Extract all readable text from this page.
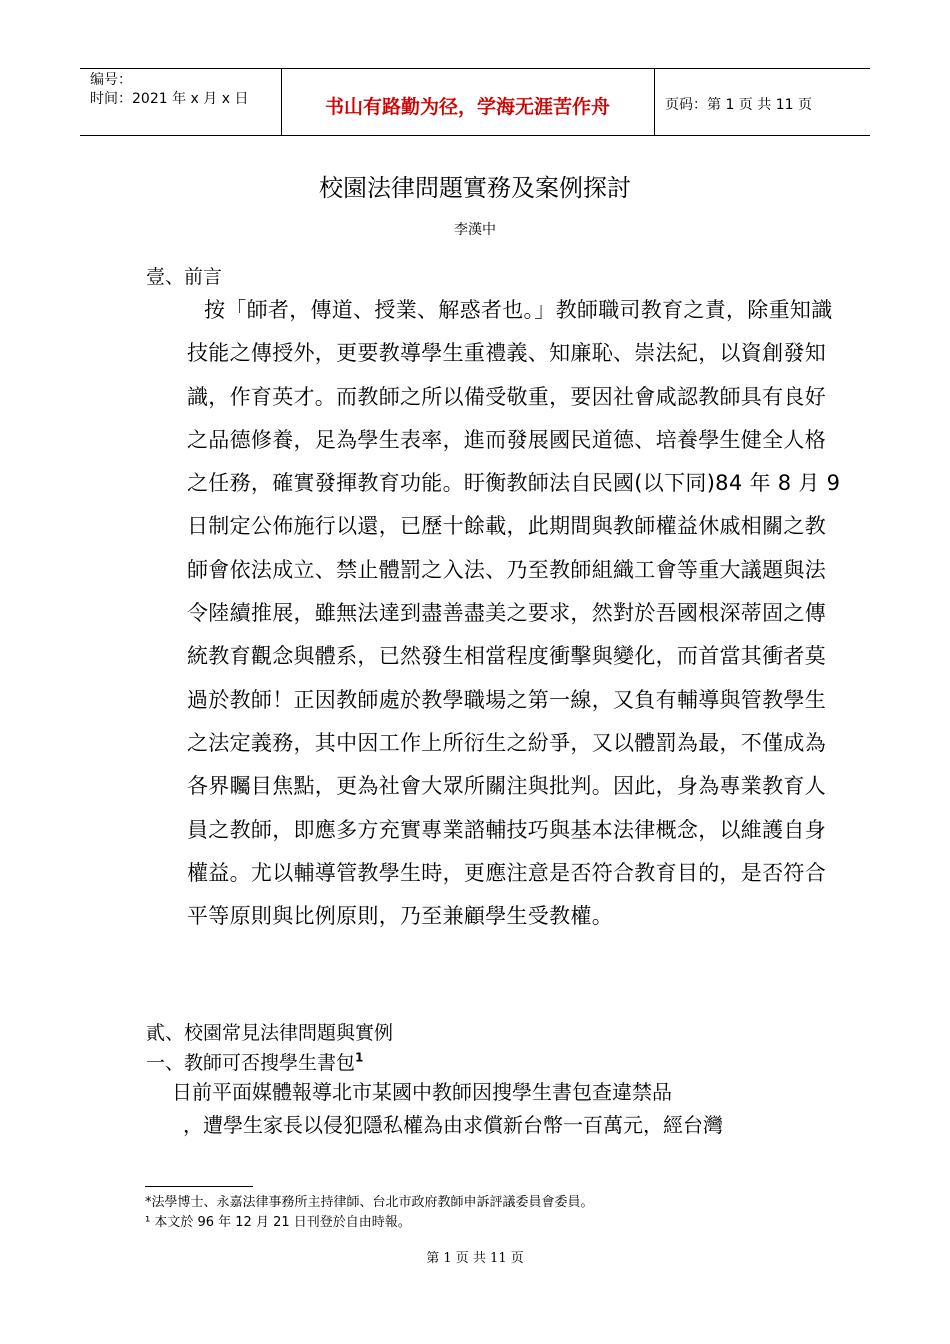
编号：
时间：2021 年 x 月 x 日	书山有路勤为径，学海无涯苦作舟	页码：第 1 页 共 11 页
校園法律問題實務及案例探討
李漢中
壹、前言
按「師者，傳道、授業、解惑者也。」教師職司教育之責，除重知識技能之傳授外，更要教導學生重禮義、知廉恥、崇法紀，以資創發知識，作育英才。而教師之所以備受敬重，要因社會咸認教師具有良好之品德修養，足為學生表率，進而發展國民道德、培養學生健全人格之任務，確實發揮教育功能。盱衡教師法自民國(以下同)84 年 8 月 9 日制定公佈施行以還，已歷十餘載，此期間與教師權益休戚相關之教師會依法成立、禁止體罰之入法、乃至教師組織工會等重大議題與法令陸續推展，雖無法達到盡善盡美之要求，然對於吾國根深蒂固之傳統教育觀念與體系，已然發生相當程度衝擊與變化，而首當其衝者莫過於教師！正因教師處於教學職場之第一線，又負有輔導與管教學生之法定義務，其中因工作上所衍生之紛爭，又以體罰為最，不僅成為各界矚目焦點，更為社會大眾所關注與批判。因此，身為專業教育人員之教師，即應多方充實專業諮輔技巧與基本法律概念，以維護自身權益。尤以輔導管教學生時，更應注意是否符合教育目的，是否符合平等原則與比例原則，乃至兼顧學生受教權。
貳、校園常見法律問題與實例
一、教師可否搜學生書包$^1$
日前平面媒體報導北市某國中教師因搜學生書包查違禁品
，遭學生家長以侵犯隱私權為由求償新台幣一百萬元，經台灣
*法學博士、永嘉法律事務所主持律師、台北市政府教師申訴評議委員會委員。
¹ 本文於 96 年 12 月 21 日刊登於自由時報。
第 1 页 共 11 页
